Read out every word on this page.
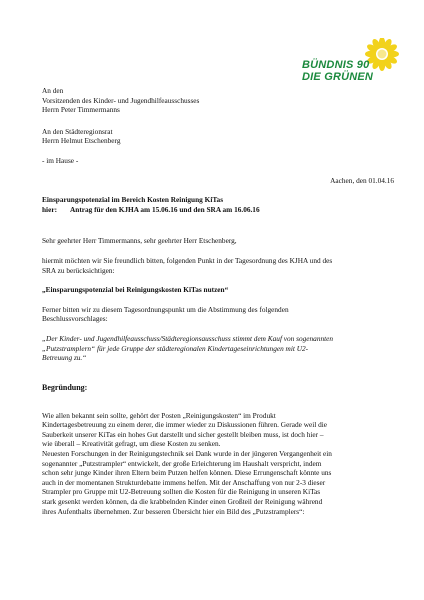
BÜNDNIS 90
DIE GRÜNEN

An den

Vorsitzenden des Kinder- und Jugendhilfeausschusses

Herrn Peter Timmermanns

An den Städteregionsrat

Herrn Helmut Etschenberg

- im Hause -

Aachen, den 01.04.16

Einsparungspotenzial im Bereich Kosten Reinigung KiTas
hier:	Antrag für den KJHA am 15.06.16 und den SRA am 16.06.16

Sehr geehrter Herr Timmermanns, sehr geehrter Herr Etschenberg,

hiermit möchten wir Sie freundlich bitten, folgenden Punkt in der Tagesordnung des KJHA und des

SRA zu berücksichtigen:

„Einsparungspotenzial bei Reinigungskosten KiTas nutzen“

Ferner bitten wir zu diesem Tagesordnungspunkt um die Abstimmung des folgenden

Beschlussvorschlages:

„Der Kinder- und Jugendhilfeausschuss/Städteregionsausschuss stimmt dem Kauf von sogenannten

„Putzstramplern“ für jede Gruppe der städteregionalen Kindertageseinrichtungen mit U2-

Betreuung zu.“

Begründung:

Wie allen bekannt sein sollte, gehört der Posten „Reinigungskosten“ im Produkt

Kindertagesbetreuung zu einem derer, die immer wieder zu Diskussionen führen. Gerade weil die

Sauberkeit unserer KiTas ein hohes Gut darstellt und sicher gestellt bleiben muss, ist doch hier –

wie überall – Kreativität gefragt, um diese Kosten zu senken.

Neuesten Forschungen in der Reinigungstechnik sei Dank wurde in der jüngeren Vergangenheit ein

sogenannter „Putzstrampler“ entwickelt, der große Erleichterung im Haushalt verspricht, indem

schon sehr junge Kinder ihren Eltern beim Putzen helfen können. Diese Errungenschaft könnte uns

auch in der momentanen Strukturdebatte immens helfen. Mit der Anschaffung von nur 2-3 dieser

Strampler pro Gruppe mit U2-Betreuung sollten die Kosten für die Reinigung in unseren KiTas

stark gesenkt werden können, da die krabbelnden Kinder einen Großteil der Reinigung während

ihres Aufenthalts übernehmen. Zur besseren Übersicht hier ein Bild des „Putzstramplers“:
